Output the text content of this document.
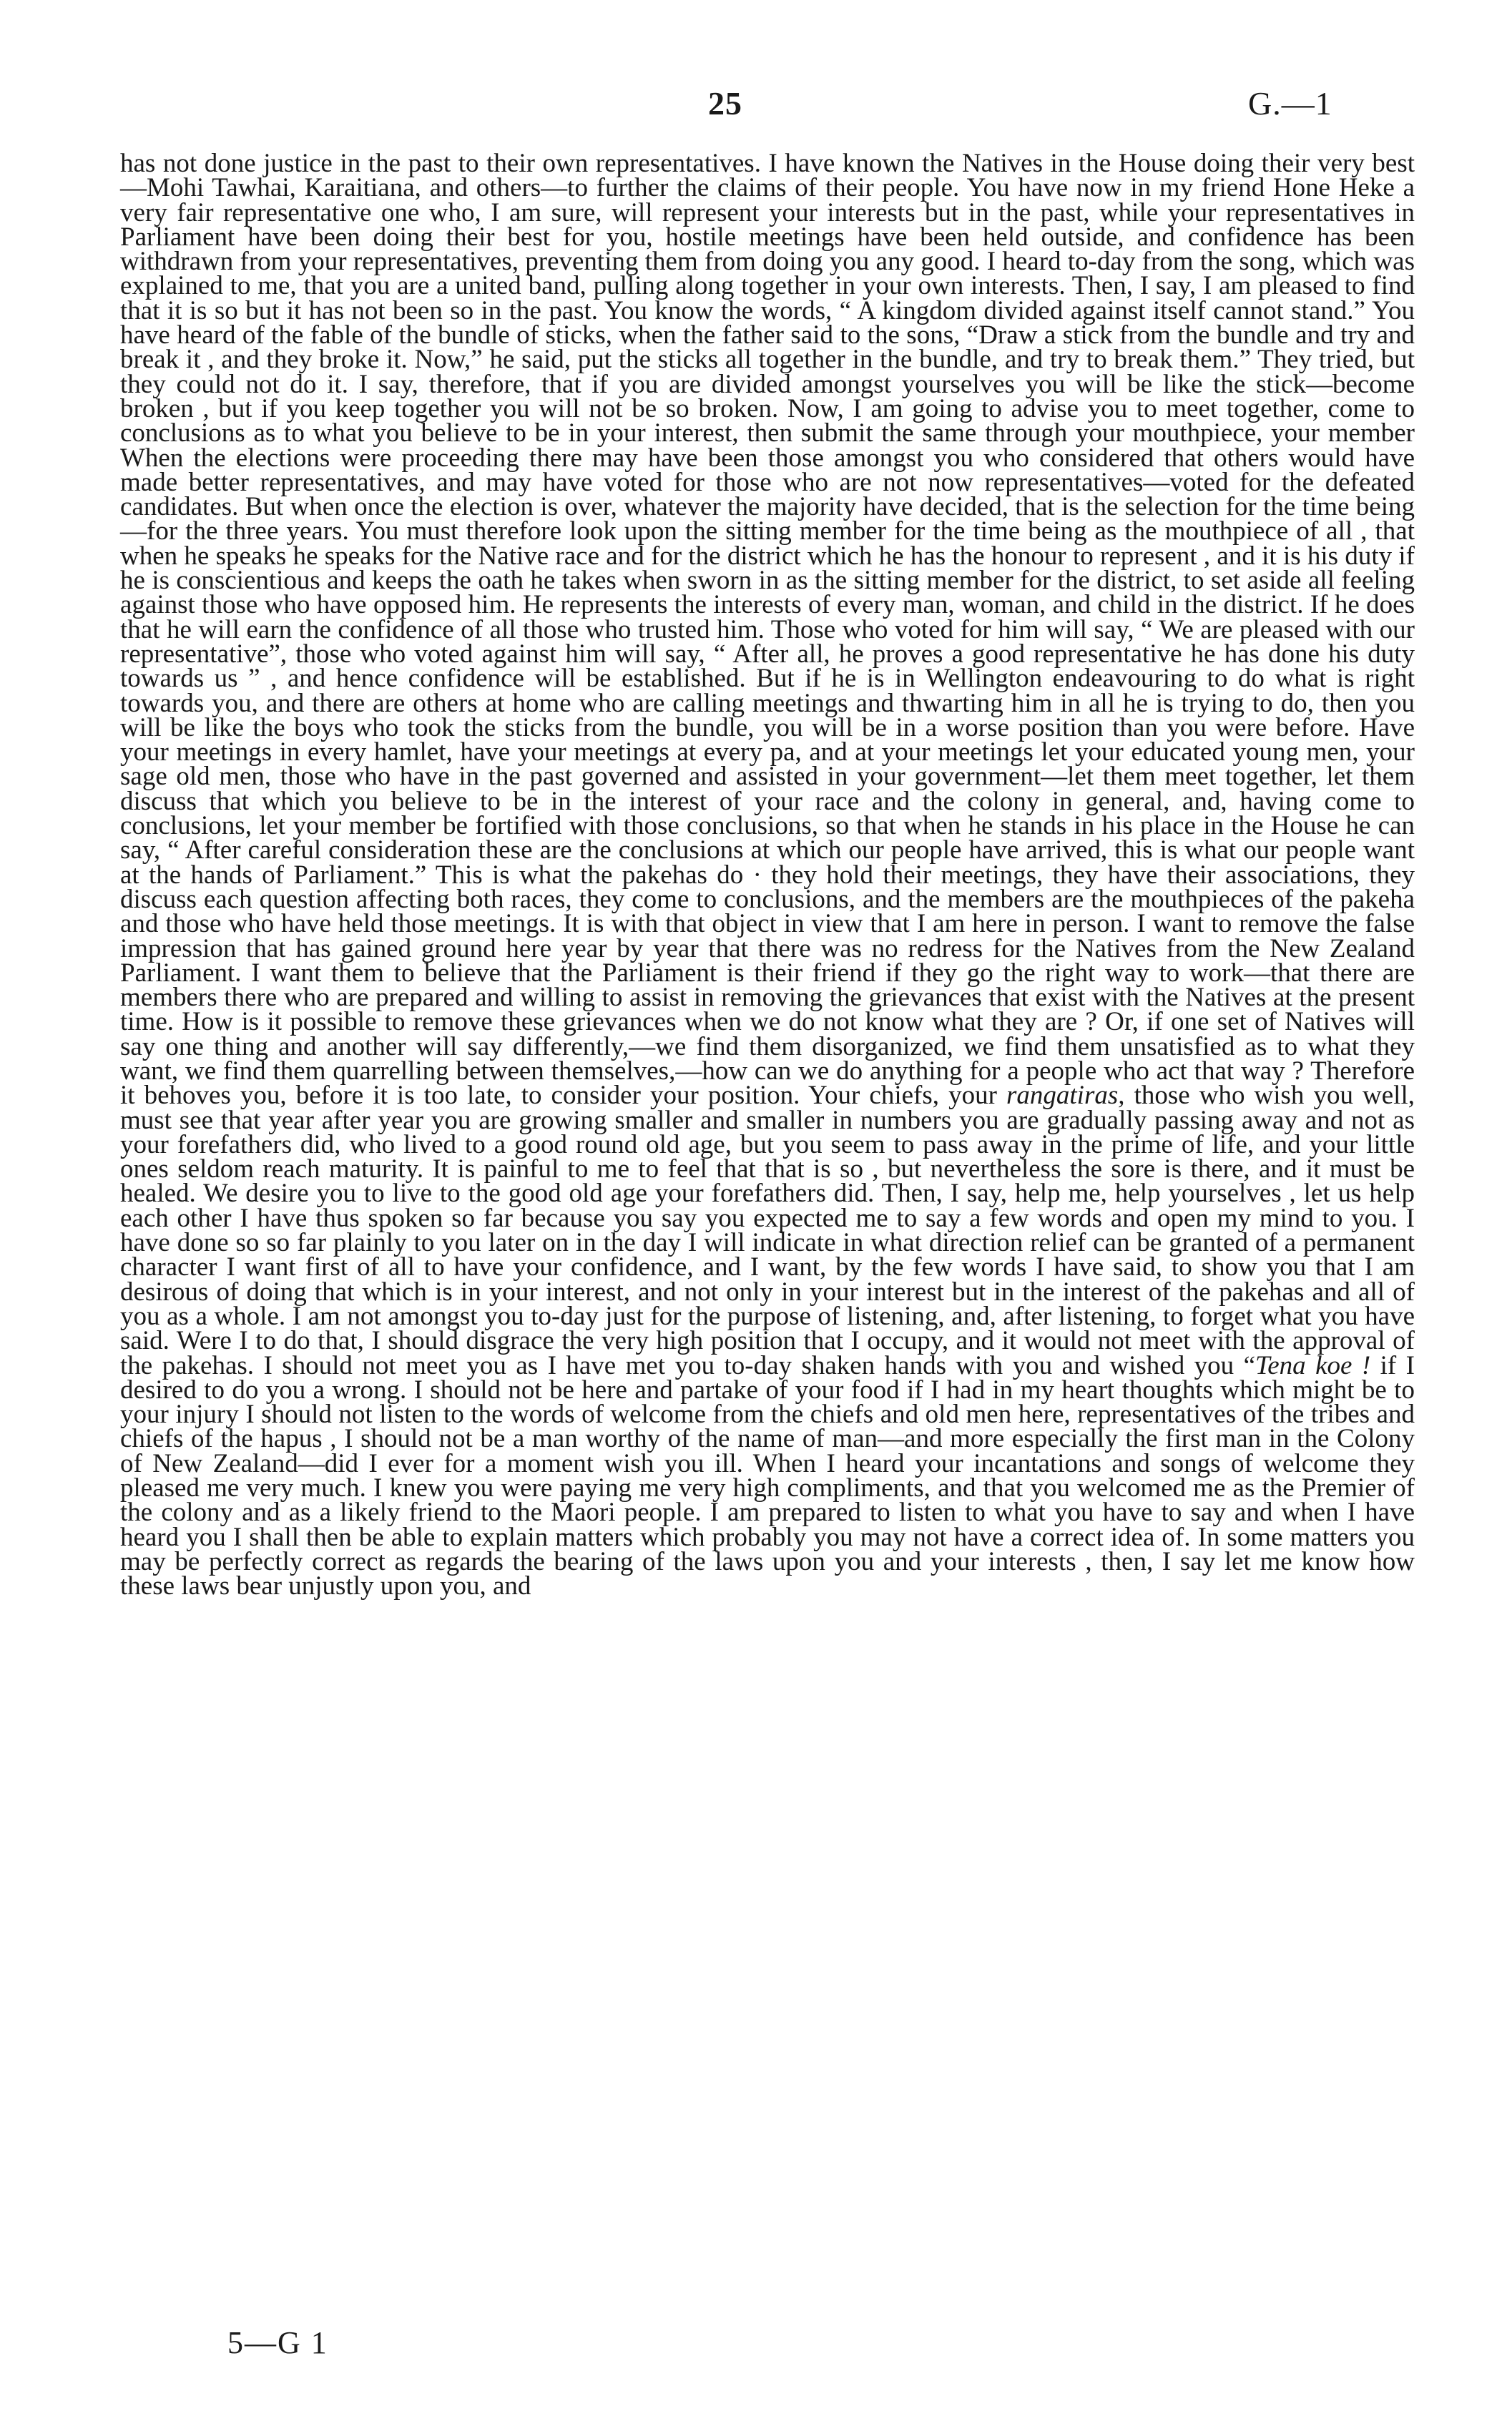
25	G.—1

has not done justice in the past to their own representatives. I have known the Natives in the House doing their very best—Mohi Tawhai, Karaitiana, and others—to further the claims of their people. You have now in my friend Hone Heke a very fair representative one who, I am sure, will represent your interests but in the past, while your representatives in Parliament have been doing their best for you, hostile meetings have been held outside, and confidence has been withdrawn from your representatives, preventing them from doing you any good. I heard to-day from the song, which was explained to me, that you are a united band, pulling along together in your own interests. Then, I say, I am pleased to find that it is so but it has not been so in the past. You know the words, “ A kingdom divided against itself cannot stand.” You have heard of the fable of the bundle of sticks, when the father said to the sons, “Draw a stick from the bundle and try and break it , and they broke it. Now,” he said, put the sticks all together in the bundle, and try to break them.” They tried, but they could not do it. I say, therefore, that if you are divided amongst yourselves you will be like the stick—become broken , but if you keep together you will not be so broken. Now, I am going to advise you to meet together, come to conclusions as to what you believe to be in your interest, then submit the same through your mouthpiece, your member When the elections were proceeding there may have been those amongst you who considered that others would have made better representatives, and may have voted for those who are not now representatives—voted for the defeated candidates. But when once the election is over, whatever the majority have decided, that is the selection for the time being—for the three years. You must therefore look upon the sitting member for the time being as the mouthpiece of all , that when he speaks he speaks for the Native race and for the district which he has the honour to represent , and it is his duty if he is conscientious and keeps the oath he takes when sworn in as the sitting member for the district, to set aside all feeling against those who have opposed him. He represents the interests of every man, woman, and child in the district. If he does that he will earn the confidence of all those who trusted him. Those who voted for him will say, “ We are pleased with our representative”, those who voted against him will say, “ After all, he proves a good representative he has done his duty towards us ” , and hence confidence will be established. But if he is in Wellington endeavouring to do what is right towards you, and there are others at home who are calling meetings and thwarting him in all he is trying to do, then you will be like the boys who took the sticks from the bundle, you will be in a worse position than you were before. Have your meetings in every hamlet, have your meetings at every pa, and at your meetings let your educated young men, your sage old men, those who have in the past governed and assisted in your government—let them meet together, let them discuss that which you believe to be in the interest of your race and the colony in general, and, having come to conclusions, let your member be fortified with those conclusions, so that when he stands in his place in the House he can say, “ After careful consideration these are the conclusions at which our people have arrived, this is what our people want at the hands of Parliament.” This is what the pakehas do · they hold their meetings, they have their associations, they discuss each question affecting both races, they come to conclusions, and the members are the mouthpieces of the pakeha and those who have held those meetings. It is with that object in view that I am here in person. I want to remove the false impression that has gained ground here year by year that there was no redress for the Natives from the New Zealand Parliament. I want them to believe that the Parliament is their friend if they go the right way to work—that there are members there who are prepared and willing to assist in removing the grievances that exist with the Natives at the present time. How is it possible to remove these grievances when we do not know what they are ? Or, if one set of Natives will say one thing and another will say differently,—we find them disorganized, we find them unsatisfied as to what they want, we find them quarrelling between themselves,—how can we do anything for a people who act that way ? Therefore it behoves you, before it is too late, to consider your position. Your chiefs, your rangatiras, those who wish you well, must see that year after year you are growing smaller and smaller in numbers you are gradually passing away and not as your forefathers did, who lived to a good round old age, but you seem to pass away in the prime of life, and your little ones seldom reach maturity. It is painful to me to feel that that is so , but nevertheless the sore is there, and it must be healed. We desire you to live to the good old age your forefathers did. Then, I say, help me, help yourselves , let us help each other I have thus spoken so far because you say you expected me to say a few words and open my mind to you. I have done so so far plainly to you later on in the day I will indicate in what direction relief can be granted of a permanent character I want first of all to have your confidence, and I want, by the few words I have said, to show you that I am desirous of doing that which is in your interest, and not only in your interest but in the interest of the pakehas and all of you as a whole. I am not amongst you to-day just for the purpose of listening, and, after listening, to forget what you have said. Were I to do that, I should disgrace the very high position that I occupy, and it would not meet with the approval of the pakehas. I should not meet you as I have met you to-day shaken hands with you and wished you “Tena koe ! if I desired to do you a wrong. I should not be here and partake of your food if I had in my heart thoughts which might be to your injury I should not listen to the words of welcome from the chiefs and old men here, representatives of the tribes and chiefs of the hapus , I should not be a man worthy of the name of man—and more especially the first man in the Colony of New Zealand—did I ever for a moment wish you ill. When I heard your incantations and songs of welcome they pleased me very much. I knew you were paying me very high compliments, and that you welcomed me as the Premier of the colony and as a likely friend to the Maori people. I am prepared to listen to what you have to say and when I have heard you I shall then be able to explain matters which probably you may not have a correct idea of. In some matters you may be perfectly correct as regards the bearing of the laws upon you and your interests , then, I say let me know how these laws bear unjustly upon you, and

5—G 1
